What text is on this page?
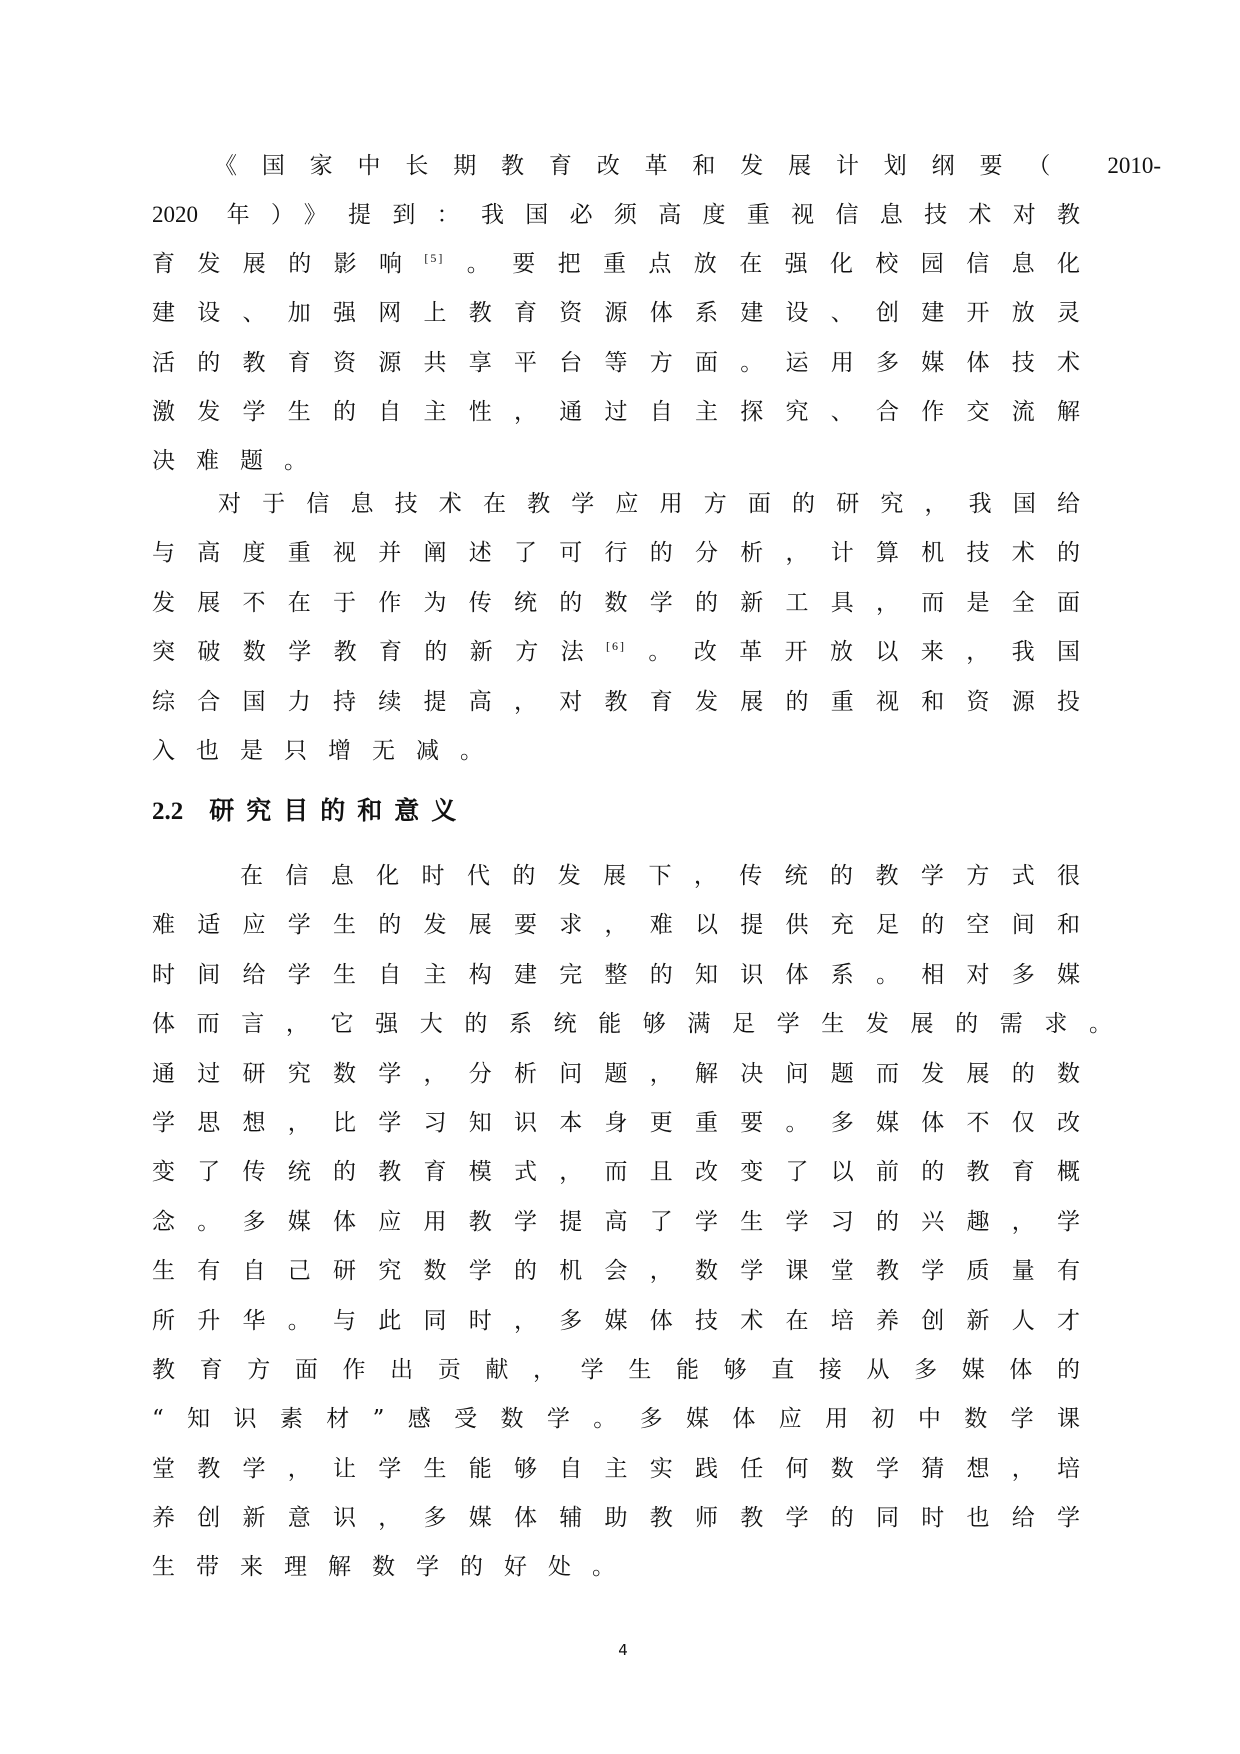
《国家中长期教育改革和发展计划纲要（ 2010-
2020 年）》提到：我国必须高度重视信息技术对教
育发展的影响[5]。要把重点放在强化校园信息化
建设、加强网上教育资源体系建设、创建开放灵
活的教育资源共享平台等方面。运用多媒体技术
激发学生的自主性，通过自主探究、合作交流解
决难题。
对于信息技术在教学应用方面的研究，我国给
与高度重视并阐述了可行的分析，计算机技术的
发展不在于作为传统的数学的新工具，而是全面
突破数学教育的新方法[6]。改革开放以来，我国
综合国力持续提高，对教育发展的重视和资源投
入也是只增无减。
2.2 研究目的和意义
在信息化时代的发展下，传统的教学方式很
难适应学生的发展要求，难以提供充足的空间和
时间给学生自主构建完整的知识体系。相对多媒
体而言，它强大的系统能够满足学生发展的需求。
通过研究数学，分析问题，解决问题而发展的数
学思想，比学习知识本身更重要。多媒体不仅改
变了传统的教育模式，而且改变了以前的教育概
念。多媒体应用教学提高了学生学习的兴趣，学
生有自己研究数学的机会，数学课堂教学质量有
所升华。与此同时，多媒体技术在培养创新人才
教育方面作出贡献，学生能够直接从多媒体的
“知识素材”感受数学。多媒体应用初中数学课
堂教学，让学生能够自主实践任何数学猜想，培
养创新意识，多媒体辅助教师教学的同时也给学
生带来理解数学的好处。
4
